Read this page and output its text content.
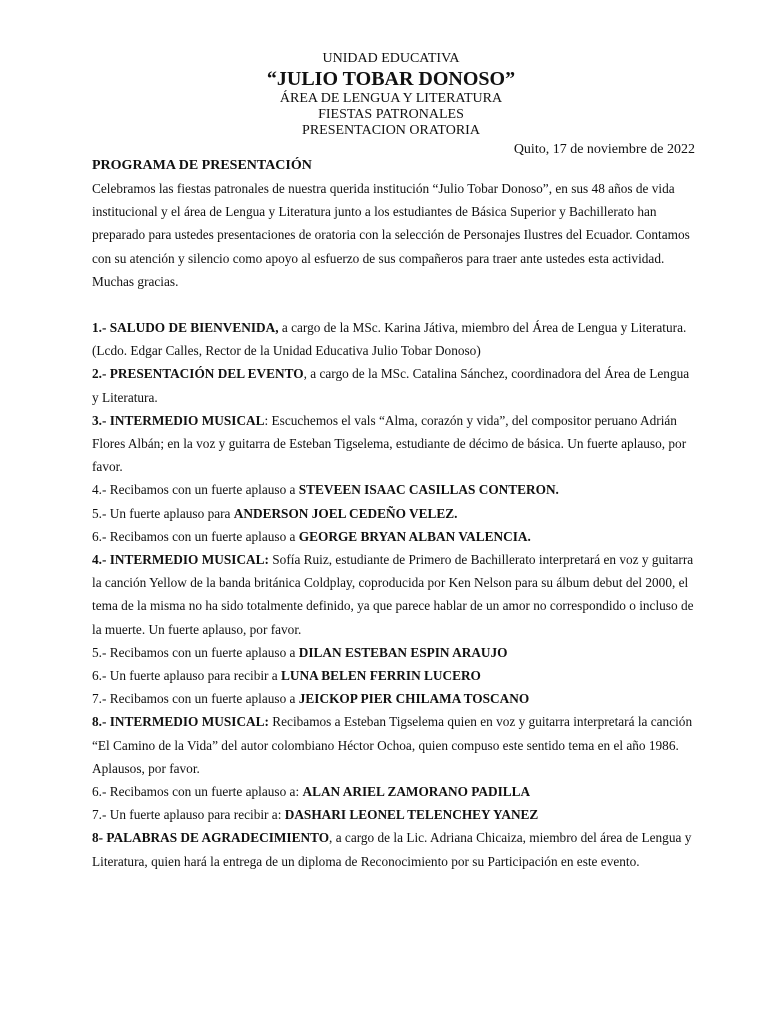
UNIDAD EDUCATIVA
“JULIO TOBAR DONOSO”
ÁREA DE LENGUA Y LITERATURA
FIESTAS PATRONALES
PRESENTACION ORATORIA
Quito, 17 de noviembre de 2022
PROGRAMA DE PRESENTACIÓN

Celebramos las fiestas patronales de nuestra querida institución “Julio Tobar Donoso”, en sus 48 años de vida institucional y el área de Lengua y Literatura junto a los estudiantes de Básica Superior y Bachillerato han preparado para ustedes presentaciones de oratoria con la selección de Personajes Ilustres del Ecuador. Contamos con su atención y silencio como apoyo al esfuerzo de sus compañeros para traer ante ustedes esta actividad. Muchas gracias.

1.- SALUDO DE BIENVENIDA, a cargo de la MSc. Karina Játiva, miembro del Área de Lengua y Literatura. (Lcdo. Edgar Calles, Rector de la Unidad Educativa Julio Tobar Donoso)

2.- PRESENTACIÓN DEL EVENTO, a cargo de la MSc. Catalina Sánchez, coordinadora del Área de Lengua y Literatura.

3.- INTERMEDIO MUSICAL: Escuchemos el vals “Alma, corazón y vida”, del compositor peruano Adrián Flores Albán; en la voz y guitarra de Esteban Tigselema, estudiante de décimo de básica. Un fuerte aplauso, por favor.

4.- Recibamos con un fuerte aplauso a STEVEEN ISAAC CASILLAS CONTERON.

5.- Un fuerte aplauso para ANDERSON JOEL CEDEÑO VELEZ.

6.- Recibamos con un fuerte aplauso a GEORGE BRYAN ALBAN VALENCIA.

4.- INTERMEDIO MUSICAL: Sofía Ruiz, estudiante de Primero de Bachillerato interpretará en voz y guitarra la canción Yellow de la banda británica Coldplay, coproducida por Ken Nelson para su álbum debut del 2000, el tema de la misma no ha sido totalmente definido, ya que parece hablar de un amor no correspondido o incluso de la muerte. Un fuerte aplauso, por favor.

5.- Recibamos con un fuerte aplauso a DILAN ESTEBAN ESPIN ARAUJO

6.- Un fuerte aplauso para recibir a LUNA BELEN FERRIN LUCERO

7.- Recibamos con un fuerte aplauso a JEICKOP PIER CHILAMA TOSCANO

8.- INTERMEDIO MUSICAL: Recibamos a Esteban Tigselema quien en voz y guitarra interpretará la canción “El Camino de la Vida” del autor colombiano Héctor Ochoa, quien compuso este sentido tema en el año 1986. Aplausos, por favor.

6.- Recibamos con un fuerte aplauso a: ALAN ARIEL ZAMORANO PADILLA

7.- Un fuerte aplauso para recibir a: DASHARI LEONEL TELENCHEY YANEZ

8- PALABRAS DE AGRADECIMIENTO, a cargo de la Lic. Adriana Chicaiza, miembro del área de Lengua y Literatura, quien hará la entrega de un diploma de Reconocimiento por su Participación en este evento.
